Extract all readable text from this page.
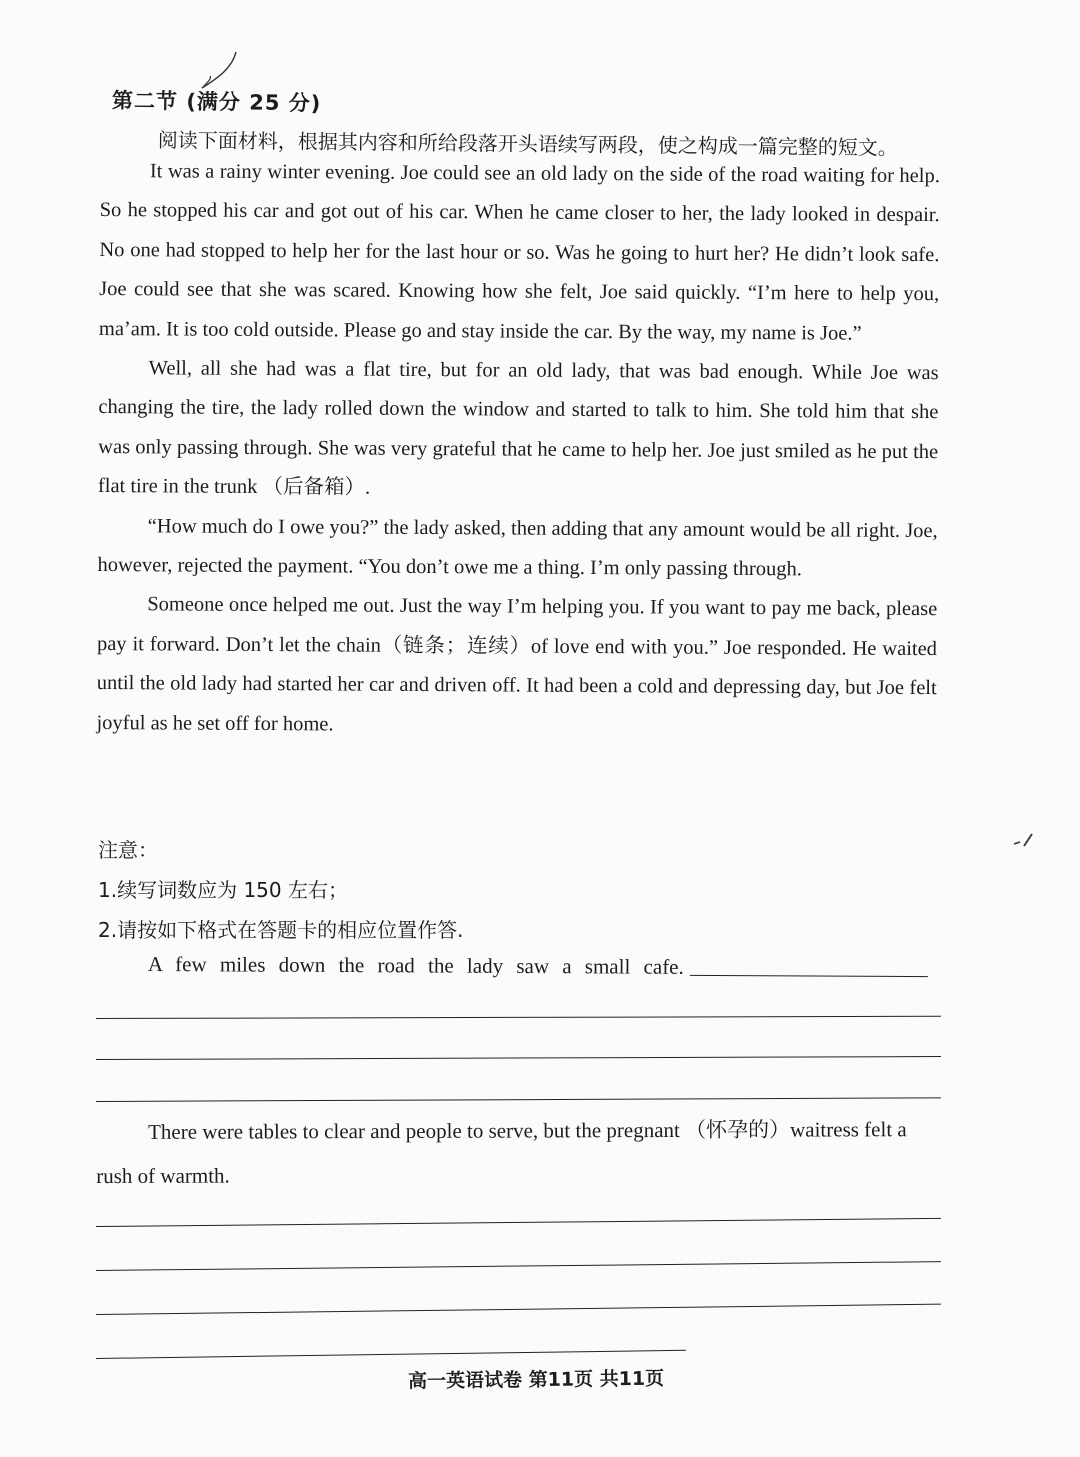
第二节 (满分 25 分)
阅读下面材料，根据其内容和所给段落开头语续写两段，使之构成一篇完整的短文。

It was a rainy winter evening. Joe could see an old lady on the side of the road waiting for help. So he stopped his car and got out of his car. When he came closer to her, the lady looked in despair. No one had stopped to help her for the last hour or so. Was he going to hurt her? He didn’t look safe. Joe could see that she was scared. Knowing how she felt, Joe said quickly. “I’m here to help you, ma’am. It is too cold outside. Please go and stay inside the car. By the way, my name is Joe.”

Well, all she had was a flat tire, but for an old lady, that was bad enough. While Joe was changing the tire, the lady rolled down the window and started to talk to him. She told him that she was only passing through. She was very grateful that he came to help her. Joe just smiled as he put the flat tire in the trunk （后备箱）.

“How much do I owe you?” the lady asked, then adding that any amount would be all right. Joe, however, rejected the payment. “You don’t owe me a thing. I’m only passing through.

Someone once helped me out. Just the way I’m helping you. If you want to pay me back, please pay it forward. Don’t let the chain（链条；连续）of love end with you.” Joe responded. He waited until the old lady had started her car and driven off. It had been a cold and depressing day, but Joe felt joyful as he set off for home.

注意：
1.续写词数应为 150 左右；
2.请按如下格式在答题卡的相应位置作答.
A few miles down the road the lady saw a small cafe.
There were tables to clear and people to serve, but the pregnant （怀孕的）waitress felt a rush of warmth.
高一英语试卷 第11页 共11页
